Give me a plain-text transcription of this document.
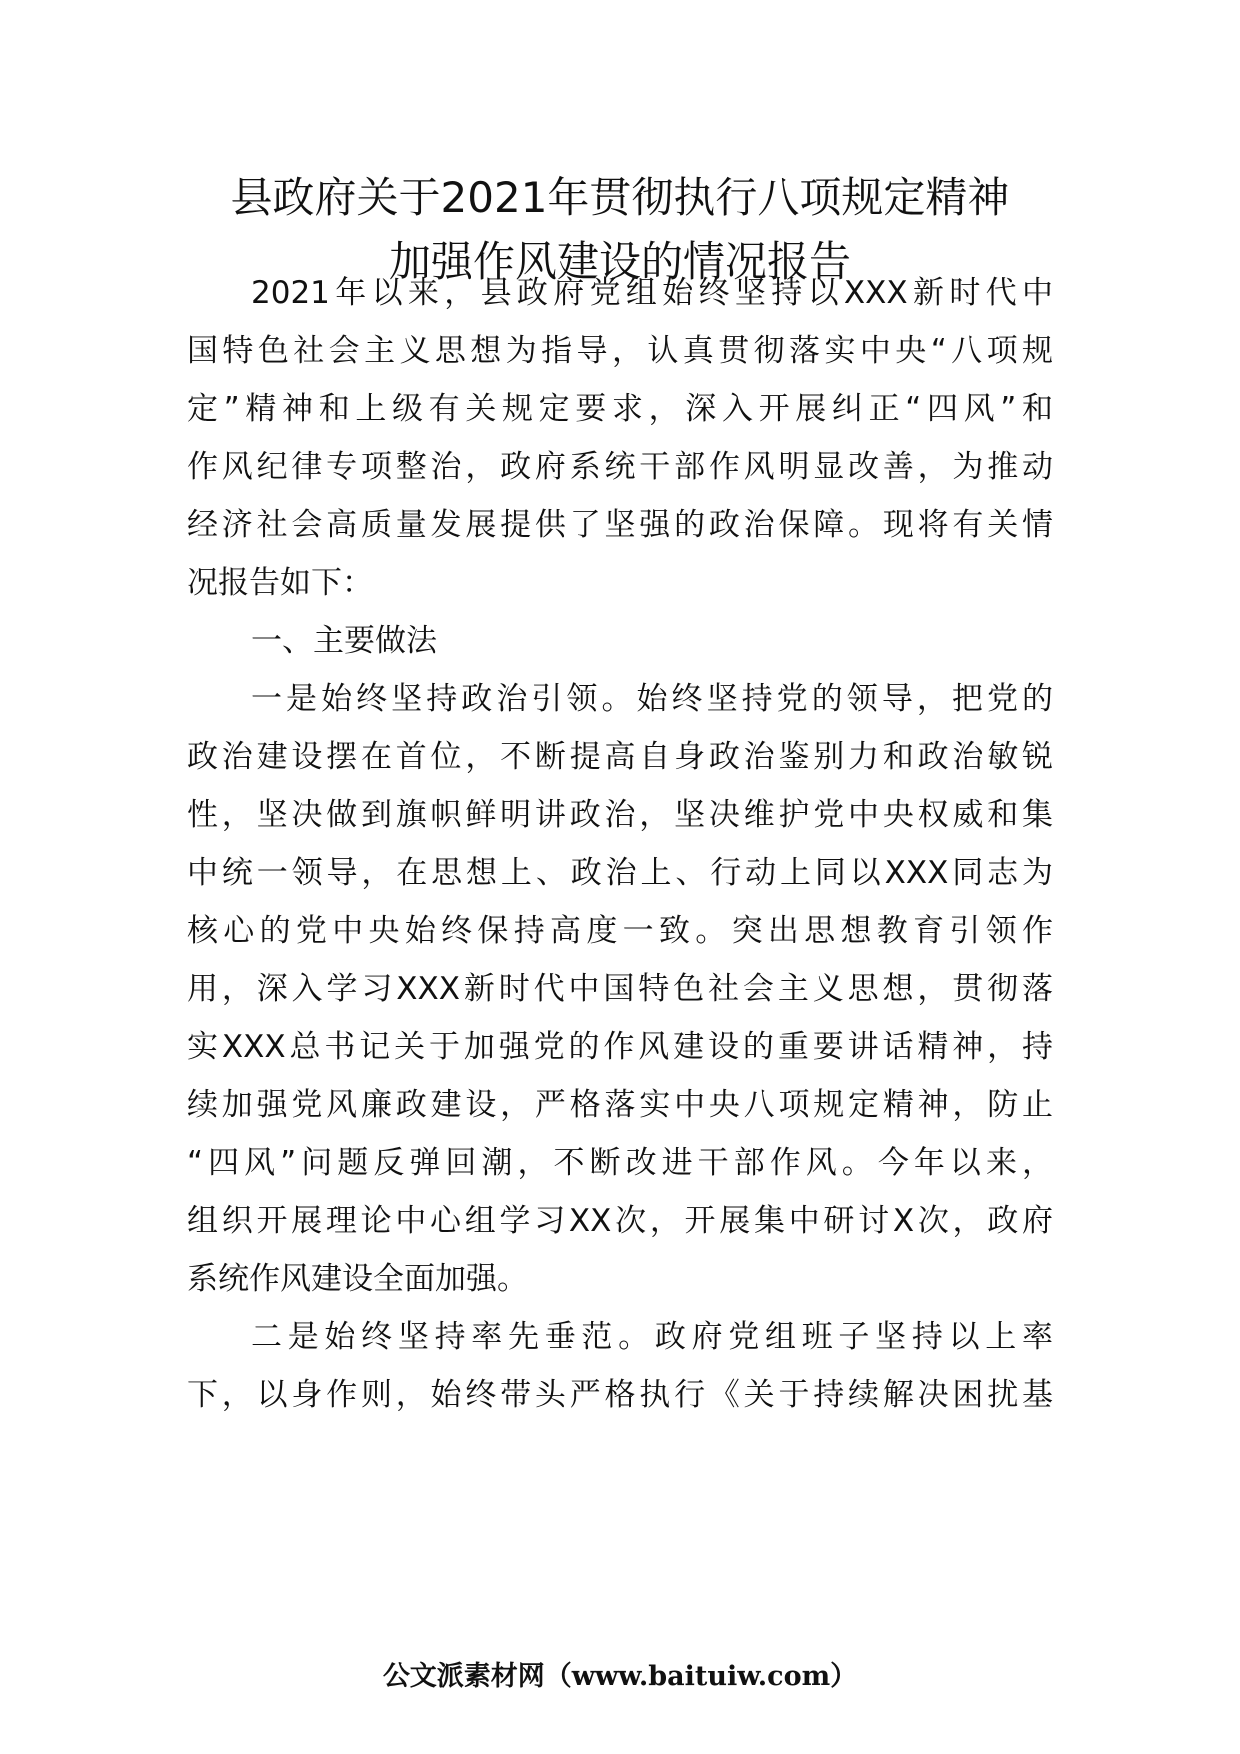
县政府关于2021年贯彻执行八项规定精神
加强作风建设的情况报告

2021年以来，县政府党组始终坚持以XXX新时代中

国特色社会主义思想为指导，认真贯彻落实中央“八项规

定”精神和上级有关规定要求，深入开展纠正“四风”和

作风纪律专项整治，政府系统干部作风明显改善，为推动

经济社会高质量发展提供了坚强的政治保障。现将有关情

况报告如下：

一、主要做法

一是始终坚持政治引领。始终坚持党的领导，把党的

政治建设摆在首位，不断提高自身政治鉴别力和政治敏锐

性，坚决做到旗帜鲜明讲政治，坚决维护党中央权威和集

中统一领导，在思想上、政治上、行动上同以XXX同志为

核心的党中央始终保持高度一致。突出思想教育引领作

用，深入学习XXX新时代中国特色社会主义思想，贯彻落

实XXX总书记关于加强党的作风建设的重要讲话精神，持

续加强党风廉政建设，严格落实中央八项规定精神，防止

“四风”问题反弹回潮，不断改进干部作风。今年以来，

组织开展理论中心组学习XX次，开展集中研讨X次，政府

系统作风建设全面加强。

二是始终坚持率先垂范。政府党组班子坚持以上率

下，以身作则，始终带头严格执行《关于持续解决困扰基

公文派素材网（www.baituiw.com）
